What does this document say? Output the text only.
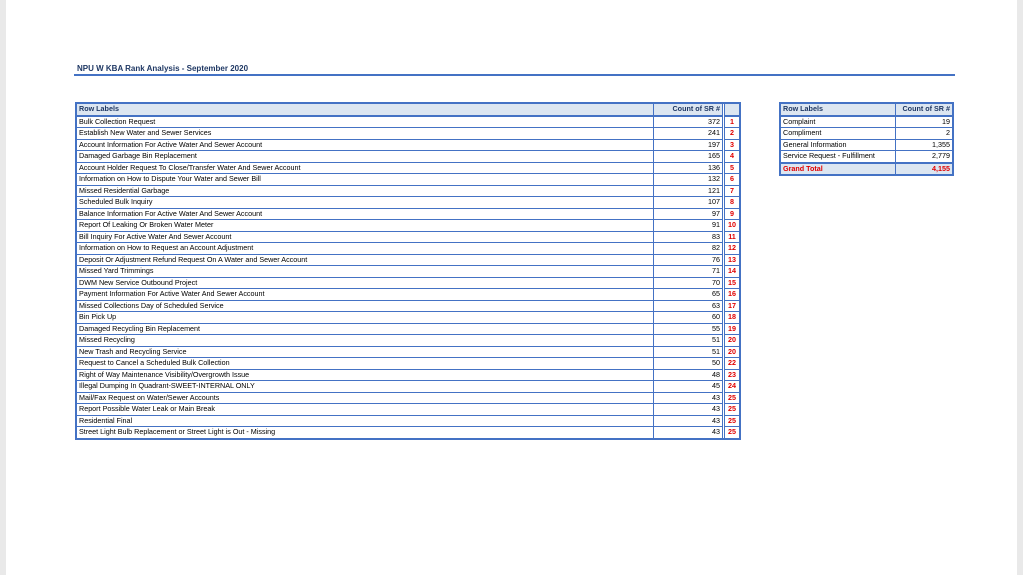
NPU W KBA Rank Analysis - September 2020
Row Labels	Count of SR #		
Bulk Collection Request	372		1
Establish New Water and Sewer Services	241		2
Account Information For Active Water And Sewer Account	197		3
Damaged Garbage Bin Replacement	165		4
Account Holder Request To Close/Transfer Water And Sewer Account	136		5
Information on How to Dispute Your Water and Sewer Bill	132		6
Missed Residential Garbage	121		7
Scheduled Bulk Inquiry	107		8
Balance Information For Active Water And Sewer Account	97		9
Report Of Leaking Or Broken Water Meter	91		10
Bill Inquiry For Active Water And Sewer Account	83		11
Information on How to Request an Account Adjustment	82		12
Deposit Or Adjustment Refund Request On A Water and Sewer Account	76		13
Missed Yard Trimmings	71		14
DWM New Service Outbound Project	70		15
Payment Information For Active Water And Sewer Account	65		16
Missed Collections Day of Scheduled Service	63		17
Bin Pick Up	60		18
Damaged Recycling Bin Replacement	55		19
Missed Recycling	51		20
New Trash and Recycling Service	51		20
Request to Cancel a Scheduled Bulk Collection	50		22
Right of Way Maintenance Visibility/Overgrowth Issue	48		23
Illegal Dumping In Quadrant-SWEET-INTERNAL ONLY	45		24
Mail/Fax Request on Water/Sewer Accounts	43		25
Report Possible Water Leak or Main Break	43		25
Residential Final	43		25
Street Light Bulb Replacement or Street Light is Out - Missing	43		25
Row Labels	Count of SR #
Complaint	19
Compliment	2
General Information	1,355
Service Request - Fulfillment	2,779
Grand Total	4,155
